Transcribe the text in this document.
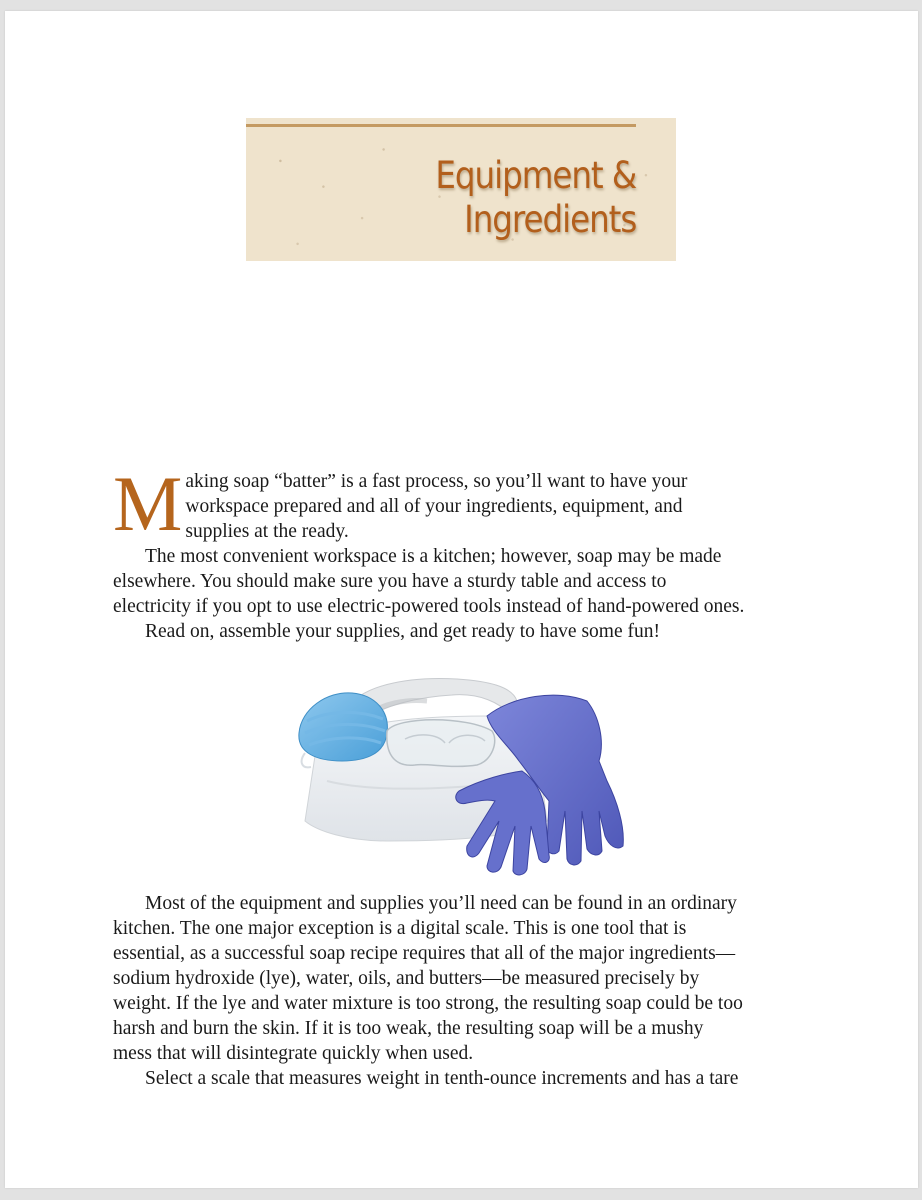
Equipment &
Ingredients
M aking soap “batter” is a fast process, so you’ll want to have your
workspace prepared and all of your ingredients, equipment, and
supplies at the ready.
The most convenient workspace is a kitchen; however, soap may be made
elsewhere. You should make sure you have a sturdy table and access to
electricity if you opt to use electric-powered tools instead of hand-powered ones.
Read on, assemble your supplies, and get ready to have some fun!
Most of the equipment and supplies you’ll need can be found in an ordinary
kitchen. The one major exception is a digital scale. This is one tool that is
essential, as a successful soap recipe requires that all of the major ingredients—
sodium hydroxide (lye), water, oils, and butters—be measured precisely by
weight. If the lye and water mixture is too strong, the resulting soap could be too
harsh and burn the skin. If it is too weak, the resulting soap will be a mushy
mess that will disintegrate quickly when used.
Select a scale that measures weight in tenth-ounce increments and has a tare
